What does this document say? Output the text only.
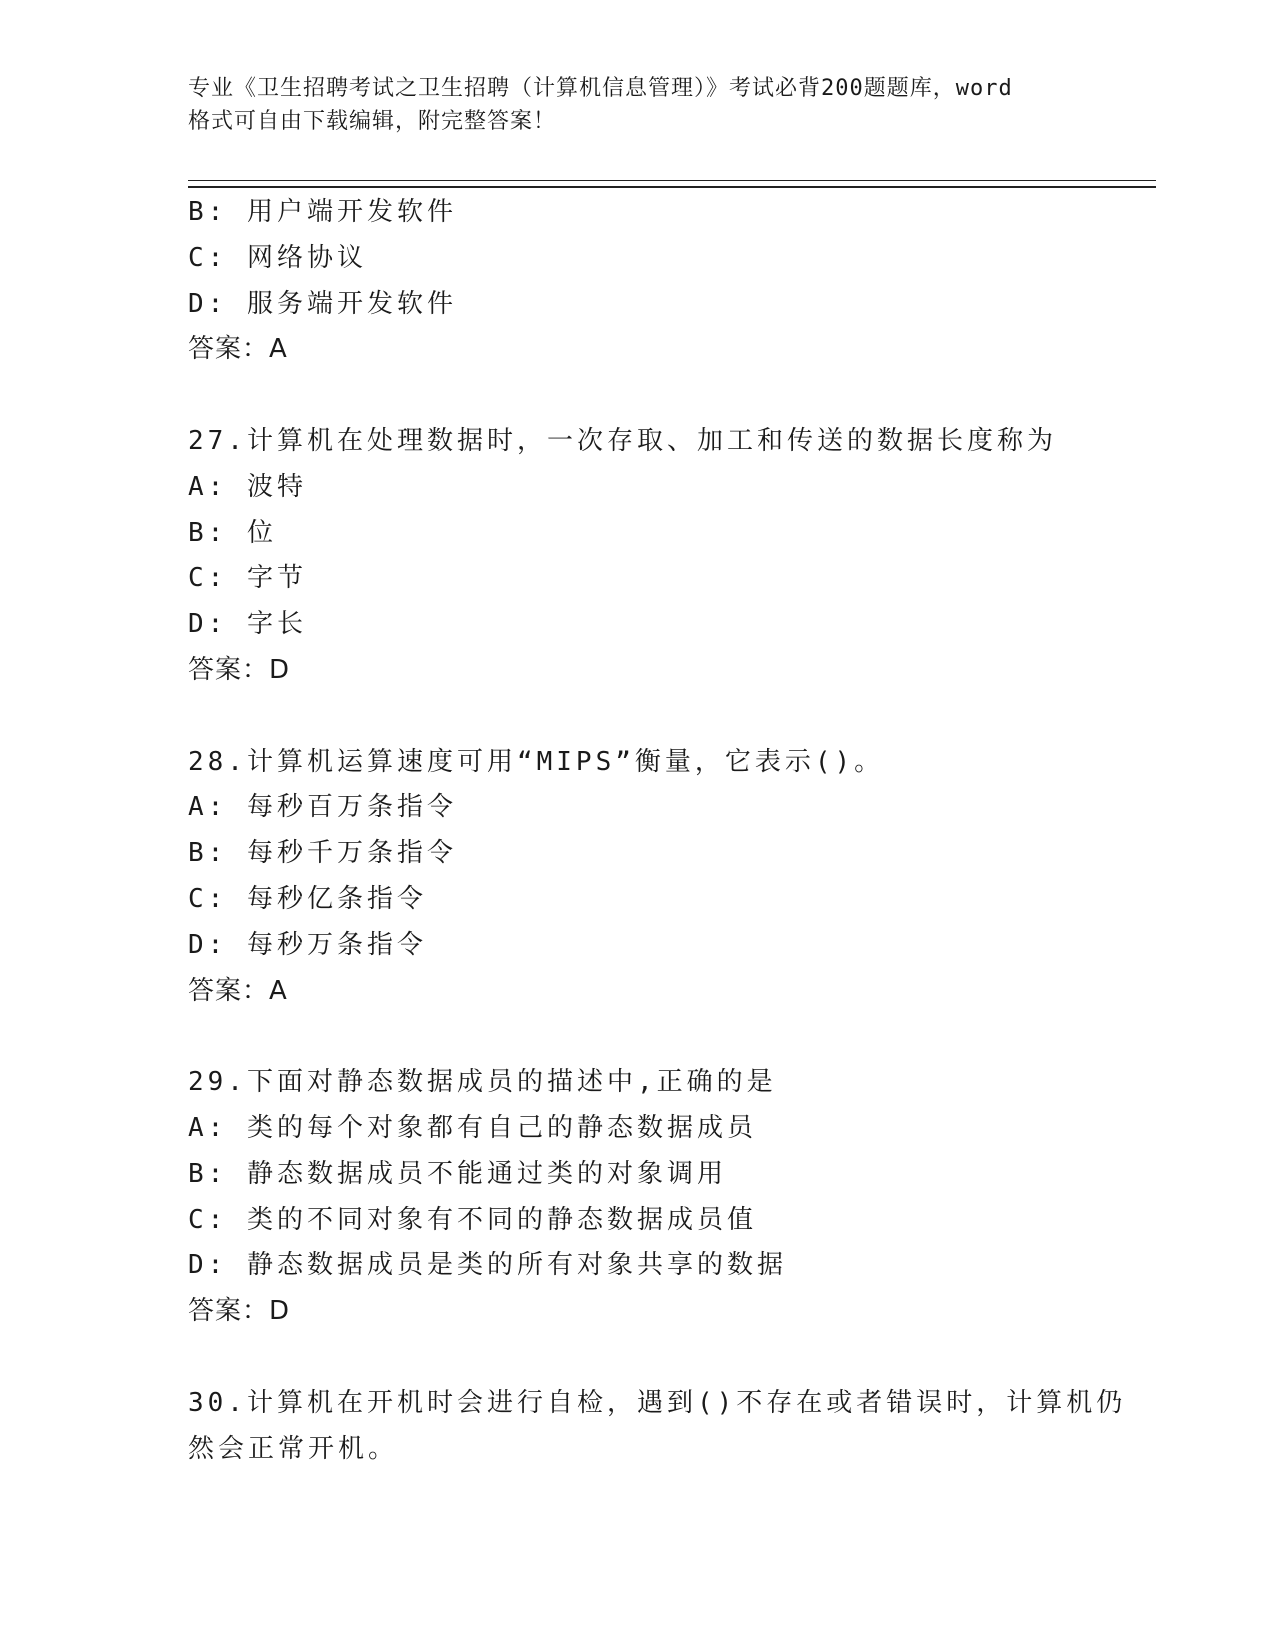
专业《卫生招聘考试之卫生招聘（计算机信息管理）》考试必背200题题库，word
格式可自由下载编辑，附完整答案！
B: 用户端开发软件
C: 网络协议
D: 服务端开发软件
答案：A
27.计算机在处理数据时，一次存取、加工和传送的数据长度称为
A: 波特
B: 位
C: 字节
D: 字长
答案：D
28.计算机运算速度可用“MIPS”衡量，它表示()。
A: 每秒百万条指令
B: 每秒千万条指令
C: 每秒亿条指令
D: 每秒万条指令
答案：A
29.下面对静态数据成员的描述中,正确的是
A: 类的每个对象都有自己的静态数据成员
B: 静态数据成员不能通过类的对象调用
C: 类的不同对象有不同的静态数据成员值
D: 静态数据成员是类的所有对象共享的数据
答案：D
30.计算机在开机时会进行自检，遇到()不存在或者错误时，计算机仍
然会正常开机。
